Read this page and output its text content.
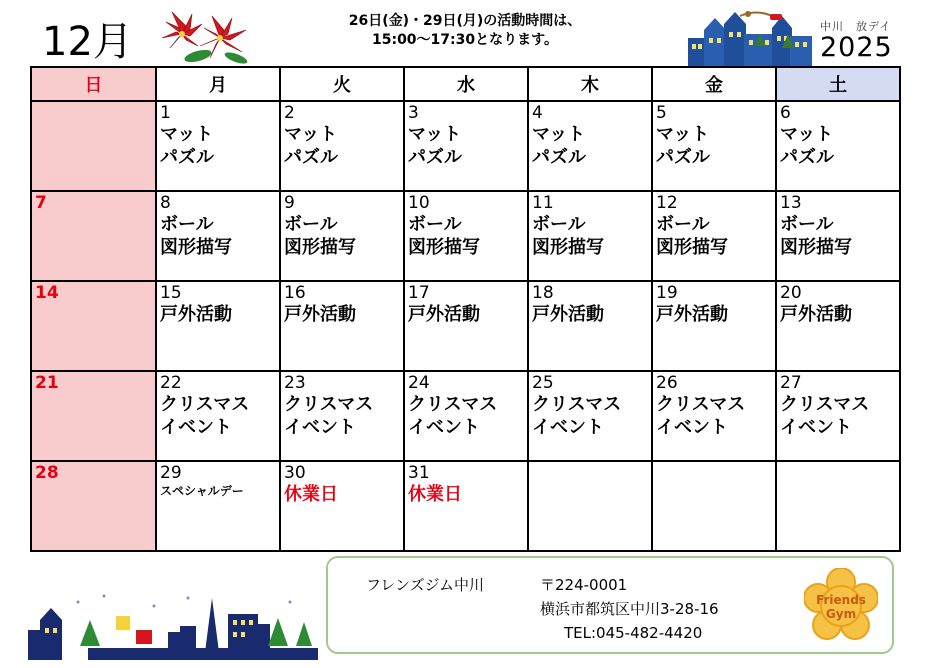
12月	26日(金)・29日(月)の活動時間は、
15:00～17:30となります。
中川　放デイ
2025
日	月	火	水	木	金	土

	1
マット
パズル	2
マット
パズル	3
マット
パズル	4
マット
パズル	5
マット
パズル	6
マット
パズル

7	8
ボール
図形描写	9
ボール
図形描写	10
ボール
図形描写	11
ボール
図形描写	12
ボール
図形描写	13
ボール
図形描写

14	15
戸外活動	16
戸外活動	17
戸外活動	18
戸外活動	19
戸外活動	20
戸外活動

21	22
クリスマス
イベント	23
クリスマス
イベント	24
クリスマス
イベント	25
クリスマス
イベント	26
クリスマス
イベント	27
クリスマス
イベント

28	29
スペシャルデー	30
休業日	31
休業日			

フレンズジム中川	〒224-0001
横浜市都筑区中川3-28-16
TEL:045-482-4420
Friends
Gym
